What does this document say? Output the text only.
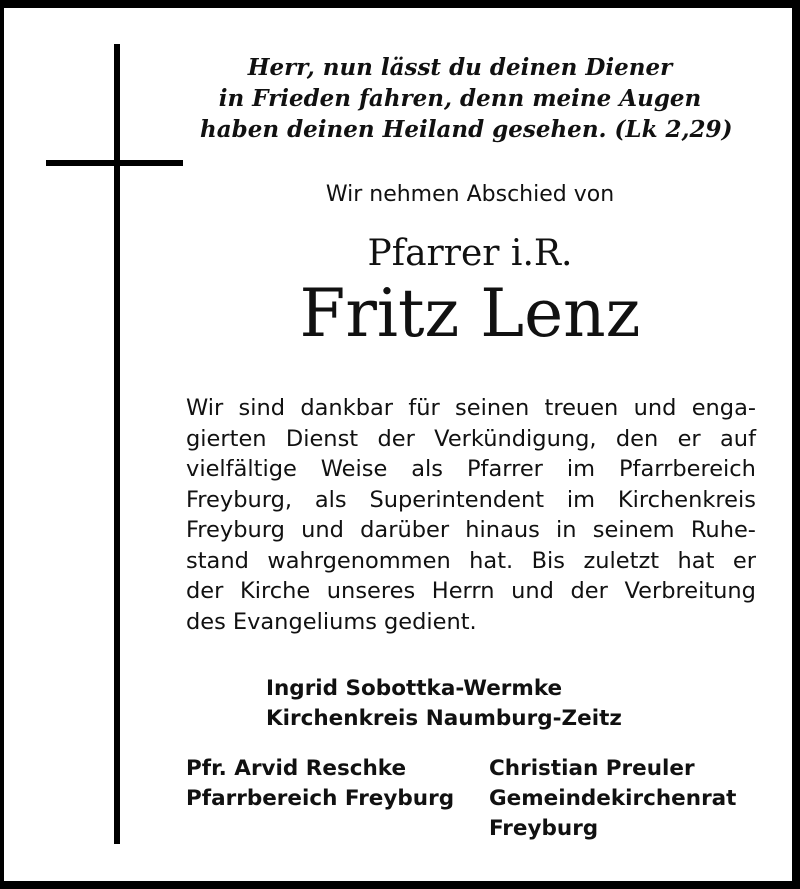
Herr, nun lässt du deinen Diener
in Frieden fahren, denn meine Augen
haben deinen Heiland gesehen. (Lk 2,29)
Wir nehmen Abschied von
Pfarrer i.R.
Fritz Lenz
Wir sind dankbar für seinen treuen und enga-
gierten Dienst der Verkündigung, den er auf
vielfältige Weise als Pfarrer im Pfarrbereich
Freyburg, als Superintendent im Kirchenkreis
Freyburg und darüber hinaus in seinem Ruhe-
stand wahrgenommen hat. Bis zuletzt hat er
der Kirche unseres Herrn und der Verbreitung
des Evangeliums gedient.
Ingrid Sobottka-Wermke
Kirchenkreis Naumburg-Zeitz
Pfr. Arvid Reschke
Pfarrbereich Freyburg
Christian Preuler
Gemeindekirchenrat
Freyburg
